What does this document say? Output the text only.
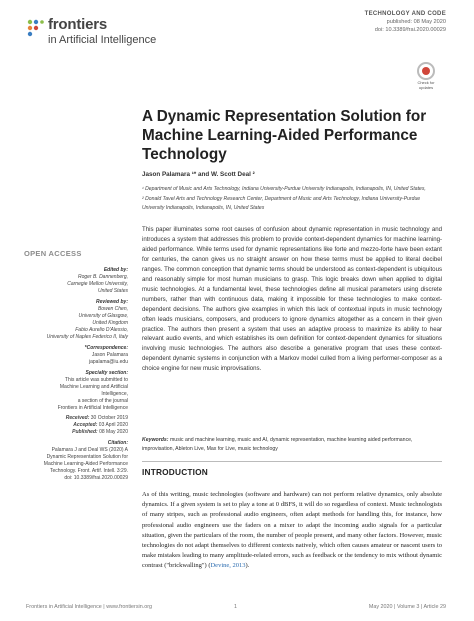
frontiers
in Artificial Intelligence
TECHNOLOGY AND CODE
published: 08 May 2020
doi: 10.3389/frai.2020.00029
Check for
updates
A Dynamic Representation Solution for Machine Learning-Aided Performance Technology
Jason Palamara ¹* and W. Scott Deal ²

¹ Department of Music and Arts Technology, Indiana University-Purdue University Indianapolis, Indianapolis, IN, United States,

² Donald Tavel Arts and Technology Research Center, Department of Music and Arts Technology, Indiana University-Purdue University Indianapolis, Indianapolis, IN, United States

This paper illuminates some root causes of confusion about dynamic representation in music technology and introduces a system that addresses this problem to provide context-dependent dynamics for machine learning-aided performance. While terms used for dynamic representations like forte and mezzo-forte have been extant for centuries, the canon gives us no straight answer on how these terms must be applied to literal decibel ranges. The common conception that dynamic terms should be understood as context-dependent is ubiquitous and reasonably simple for most human musicians to grasp. This logic breaks down when applied to digital music technologies. At a fundamental level, these technologies define all musical parameters using discrete numbers, rather than with continuous data, making it impossible for these technologies to make context-dependent decisions. The authors give examples in which this lack of contextual inputs in music technology often leads musicians, composers, and producers to ignore dynamics altogether as a concern in their given practice. The authors then present a system that uses an adaptive process to maximize its ability to hear relevant audio events, and which establishes its own definition for context-dependent dynamics for situations involving music technologies. The authors also describe a generative program that uses these context-dependent dynamic systems in conjunction with a Markov model culled from a living performer-composer as a choice engine for new music improvisations.

Keywords: music and machine learning, music and AI, dynamic representation, machine learning aided performance, improvisation, Ableton Live, Max for Live, music technology
OPEN ACCESS
Edited by:
Roger B. Dannenberg,
Carnegie Mellon University,
United States
Reviewed by:
Bowen Chen,
University of Glasgow,
United Kingdom
Fabio Aurelio D'Alessio,
University of Naples Federico II, Italy
*Correspondence:
Jason Palamara
japalama@iu.edu
Specialty section:
This article was submitted to
Machine Learning and Artificial
Intelligence,
a section of the journal
Frontiers in Artificial Intelligence
Received: 30 October 2019
Accepted: 03 April 2020
Published: 08 May 2020
Citation:
Palamara J and Deal WS (2020) A
Dynamic Representation Solution for
Machine Learning-Aided Performance
Technology. Front. Artif. Intell. 3:29.
doi: 10.3389/frai.2020.00029
INTRODUCTION

As of this writing, music technologies (software and hardware) can not perform relative dynamics, only absolute dynamics. If a given system is set to play a tone at 0 dBFS, it will do so regardless of context. Music technologists of many stripes, such as professional audio engineers, often adapt methods for handling this, for instance, how professional audio engineers use the faders on a mixer to adapt the incoming audio signals for a particular situation, given the particulars of the room, the number of people present, and many other factors. However, music technologies do not adapt themselves to different contexts natively, which often causes amateur or nascent users to make mistakes leading to many amplitude-related errors, such as feedback or the tendency to mix without dynamic contrast ("brickwalling") (Devine, 2013).

Frontiers in Artificial Intelligence | www.frontiersin.org	1	May 2020 | Volume 3 | Article 29
